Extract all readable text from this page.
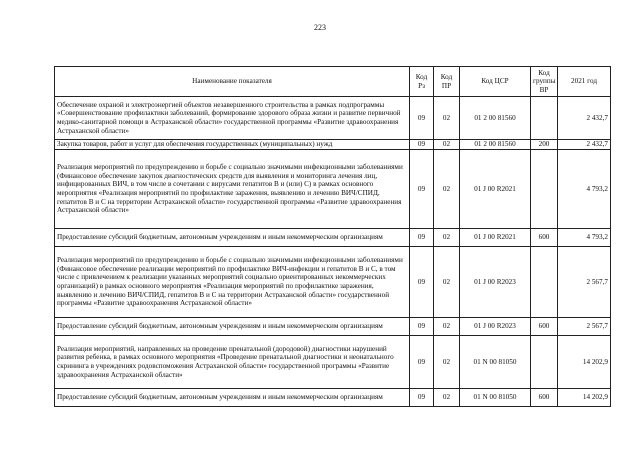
223
Наименование показателя	Код Рз	Код ПР	Код ЦСР	Код группы ВР	2021 год
Обеспечение охраной и электроэнергией объектов незавершенного строительства в рамках подпрограммы «Совершенствование профилактики заболеваний, формирование здорового образа жизни и развитие первичной медико-санитарной помощи в Астраханской области» государственной программы «Развитие здравоохранения Астраханской области»	09	02	01 2 00 81560		2 432,7
Закупка товаров, работ и услуг для обеспечения государственных (муниципальных) нужд	09	02	01 2 00 81560	200	2 432,7
Реализация мероприятий по предупреждению и борьбе с социально значимыми инфекционными заболеваниями (Финансовое обеспечение закупок диагностических средств для выявления и мониторинга лечения лиц, инфицированных ВИЧ, в том числе в сочетании с вирусами гепатитов В и (или) С) в рамках основного мероприятия «Реализация мероприятий по профилактике заражения, выявлению и лечению ВИЧ/СПИД, гепатитов В и С на территории Астраханской области» государственной программы «Развитие здравоохранения Астраханской области»	09	02	01 J 00 R2021		4 793,2
Предоставление субсидий бюджетным, автономным учреждениям и иным некоммерческим организациям	09	02	01 J 00 R2021	600	4 793,2
Реализация мероприятий по предупреждению и борьбе с социально значимыми инфекционными заболеваниями (Финансовое обеспечение реализации мероприятий по профилактике ВИЧ-инфекции и гепатитов В и С, в том числе с привлечением к реализации указанных мероприятий социально ориентированных некоммерческих организаций) в рамках основного мероприятия «Реализация мероприятий по профилактике заражения, выявлению и лечению ВИЧ/СПИД, гепатитов В и С на территории Астраханской области» государственной программы «Развитие здравоохранения Астраханской области»	09	02	01 J 00 R2023		2 567,7
Предоставление субсидий бюджетным, автономным учреждениям и иным некоммерческим организациям	09	02	01 J 00 R2023	600	2 567,7
Реализация мероприятий, направленных на проведение пренатальной (дородовой) диагностики нарушений развития ребенка, в рамках основного мероприятия «Проведение пренатальной диагностики и неонатального скрининга в учреждениях родовспоможения Астраханской области» государственной программы «Развитие здравоохранения Астраханской области»	09	02	01 N 00 81050		14 202,9
Предоставление субсидий бюджетным, автономным учреждениям и иным некоммерческим организациям	09	02	01 N 00 81050	600	14 202,9
